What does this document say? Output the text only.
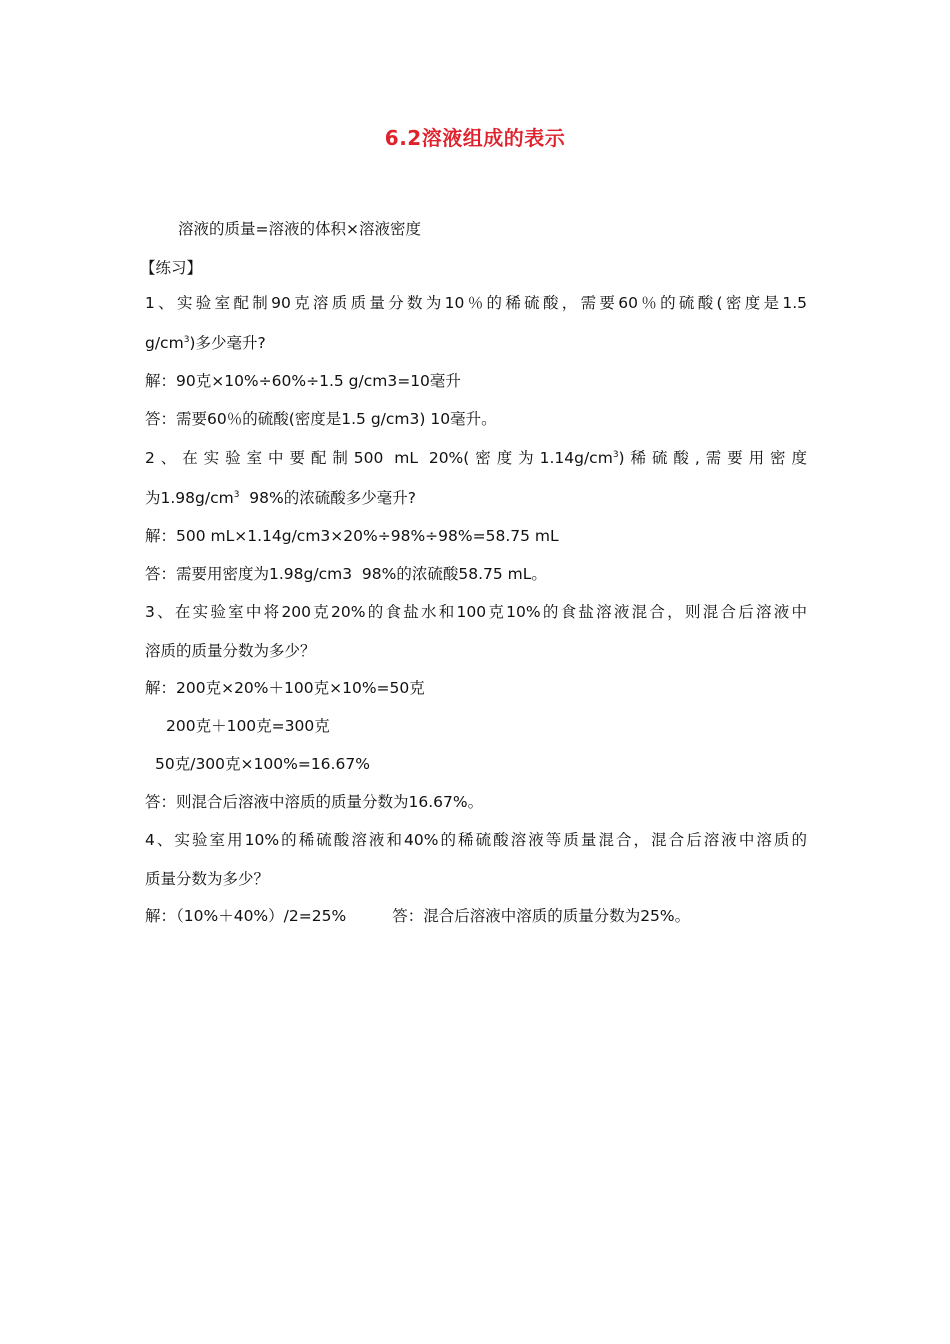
6.2溶液组成的表示
溶液的质量=溶液的体积×溶液密度
【练习】
1、实验室配制90克溶质质量分数为10％的稀硫酸，需要60％的硫酸(密度是1.5
$g/cm^3$)多少毫升?
解：90克×10%÷60%÷1.5 g/cm3=10毫升
答：需要60％的硫酸(密度是1.5 g/cm3) 10毫升。
2、在实验室中要配制500 mL 20%(密度为$1.14g/cm^3$)稀硫酸,需要用密度
为$1.98g/cm^3$  98%的浓硫酸多少毫升?
解：500 mL×1.14g/cm3×20%÷98%÷98%=58.75 mL
答：需要用密度为1.98g/cm3  98%的浓硫酸58.75 mL。
3、在实验室中将200克20%的食盐水和100克10%的食盐溶液混合，则混合后溶液中
溶质的质量分数为多少？
解：200克×20%＋100克×10%=50克
200克＋100克=300克
50克/300克×100%=16.67%
答：则混合后溶液中溶质的质量分数为16.67%。
4、实验室用10%的稀硫酸溶液和40%的稀硫酸溶液等质量混合，混合后溶液中溶质的
质量分数为多少？
解：（10%＋40%）/2=25%	答：混合后溶液中溶质的质量分数为25%。
